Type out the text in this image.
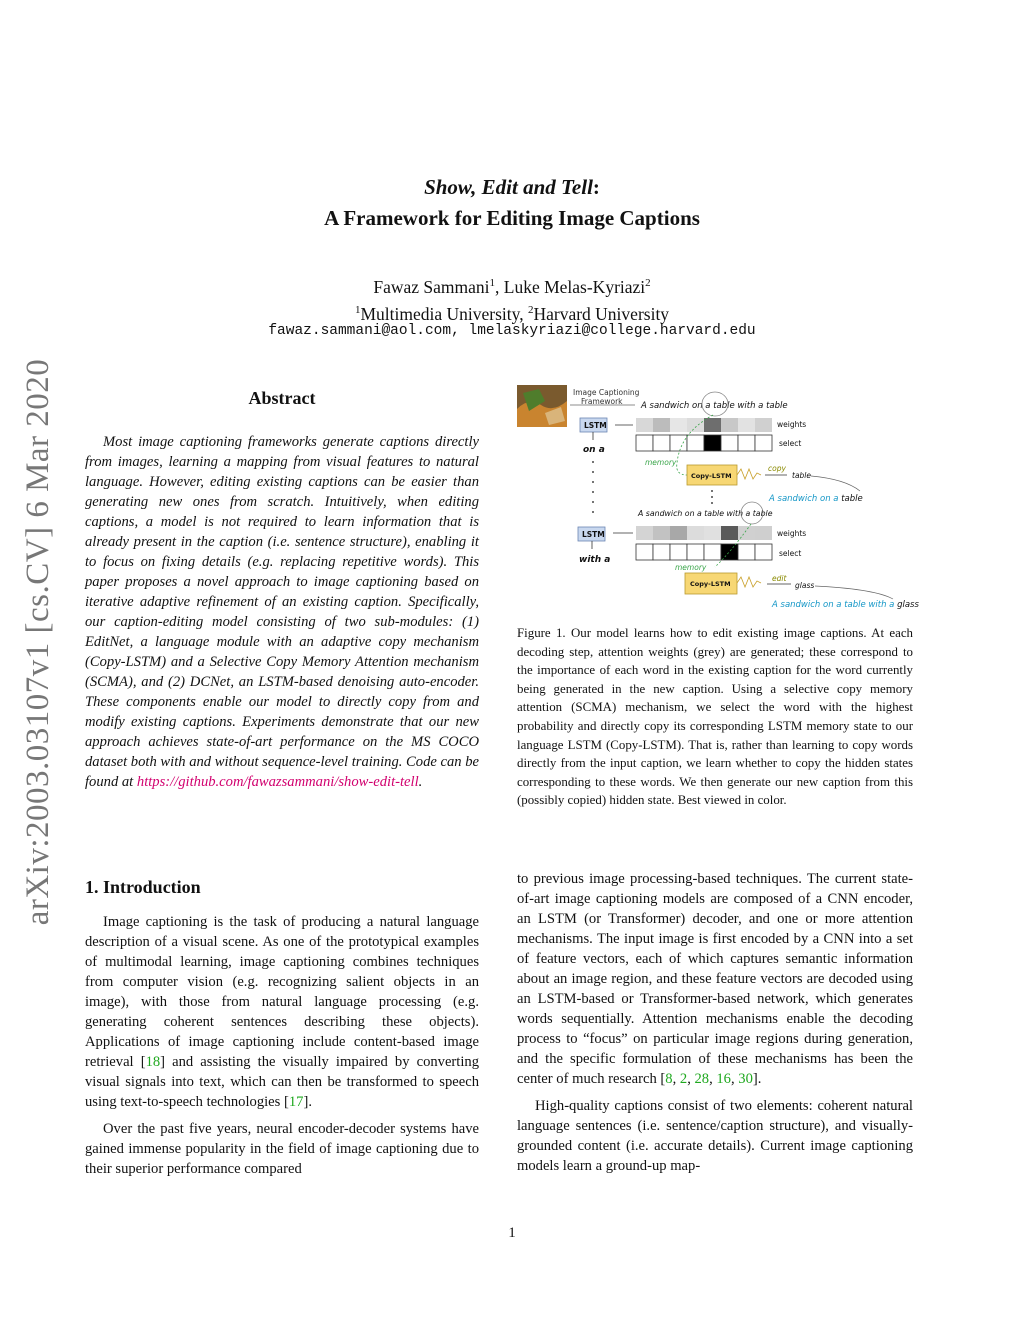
arXiv:2003.03107v1 [cs.CV] 6 Mar 2020
Show, Edit and Tell:
A Framework for Editing Image Captions
Fawaz Sammani$^1$, Luke Melas-Kyriazi$^2$
$^1$Multimedia University, $^2$Harvard University
fawaz.sammani@aol.com, lmelaskyriazi@college.harvard.edu
Abstract

Most image captioning frameworks generate captions directly from images, learning a mapping from visual features to natural language. However, editing existing captions can be easier than generating new ones from scratch. Intuitively, when editing captions, a model is not required to learn information that is already present in the caption (i.e. sentence structure), enabling it to focus on fixing details (e.g. replacing repetitive words). This paper proposes a novel approach to image captioning based on iterative adaptive refinement of an existing caption. Specifically, our caption-editing model consisting of two sub-modules: (1) EditNet, a language module with an adaptive copy mechanism (Copy-LSTM) and a Selective Copy Memory Attention mechanism (SCMA), and (2) DCNet, an LSTM-based denoising auto-encoder. These components enable our model to directly copy from and modify existing captions. Experiments demonstrate that our new approach achieves state-of-art performance on the MS COCO dataset both with and without sequence-level training. Code can be found at https://github.com/fawazsammani/show-edit-tell.

Image Captioning
Framework A sandwich on a table with a table
LSTM
on a
weights
select
memory
Copy-LSTM
copy
table
A sandwich on a table
A sandwich on a table with a table
LSTM
with a
weights
select
memory
Copy-LSTM
edit
glass
A sandwich on a table with a glass
Figure 1. Our model learns how to edit existing image captions. At each decoding step, attention weights (grey) are generated; these correspond to the importance of each word in the existing caption for the word currently being generated in the new caption. Using a selective copy memory attention (SCMA) mechanism, we select the word with the highest probability and directly copy its corresponding LSTM memory state to our language LSTM (Copy-LSTM). That is, rather than learning to copy words directly from the input caption, we learn whether to copy the hidden states corresponding to these words. We then generate our new caption from this (possibly copied) hidden state. Best viewed in color.
1. Introduction

Image captioning is the task of producing a natural language description of a visual scene. As one of the prototypical examples of multimodal learning, image captioning combines techniques from computer vision (e.g. recognizing salient objects in an image), with those from natural language processing (e.g. generating coherent sentences describing these objects). Applications of image captioning include content-based image retrieval [18] and assisting the visually impaired by converting visual signals into text, which can then be transformed to speech using text-to-speech technologies [17].

Over the past five years, neural encoder-decoder systems have gained immense popularity in the field of image captioning due to their superior performance compared

to previous image processing-based techniques. The current state-of-art image captioning models are composed of a CNN encoder, an LSTM (or Transformer) decoder, and one or more attention mechanisms. The input image is first encoded by a CNN into a set of feature vectors, each of which captures semantic information about an image region, and these feature vectors are decoded using an LSTM-based or Transformer-based network, which generates words sequentially. Attention mechanisms enable the decoding process to “focus” on particular image regions during generation, and the specific formulation of these mechanisms has been the center of much research [8, 2, 28, 16, 30].

High-quality captions consist of two elements: coherent natural language sentences (i.e. sentence/caption structure), and visually-grounded content (i.e. accurate details). Current image captioning models learn a ground-up map-

1
